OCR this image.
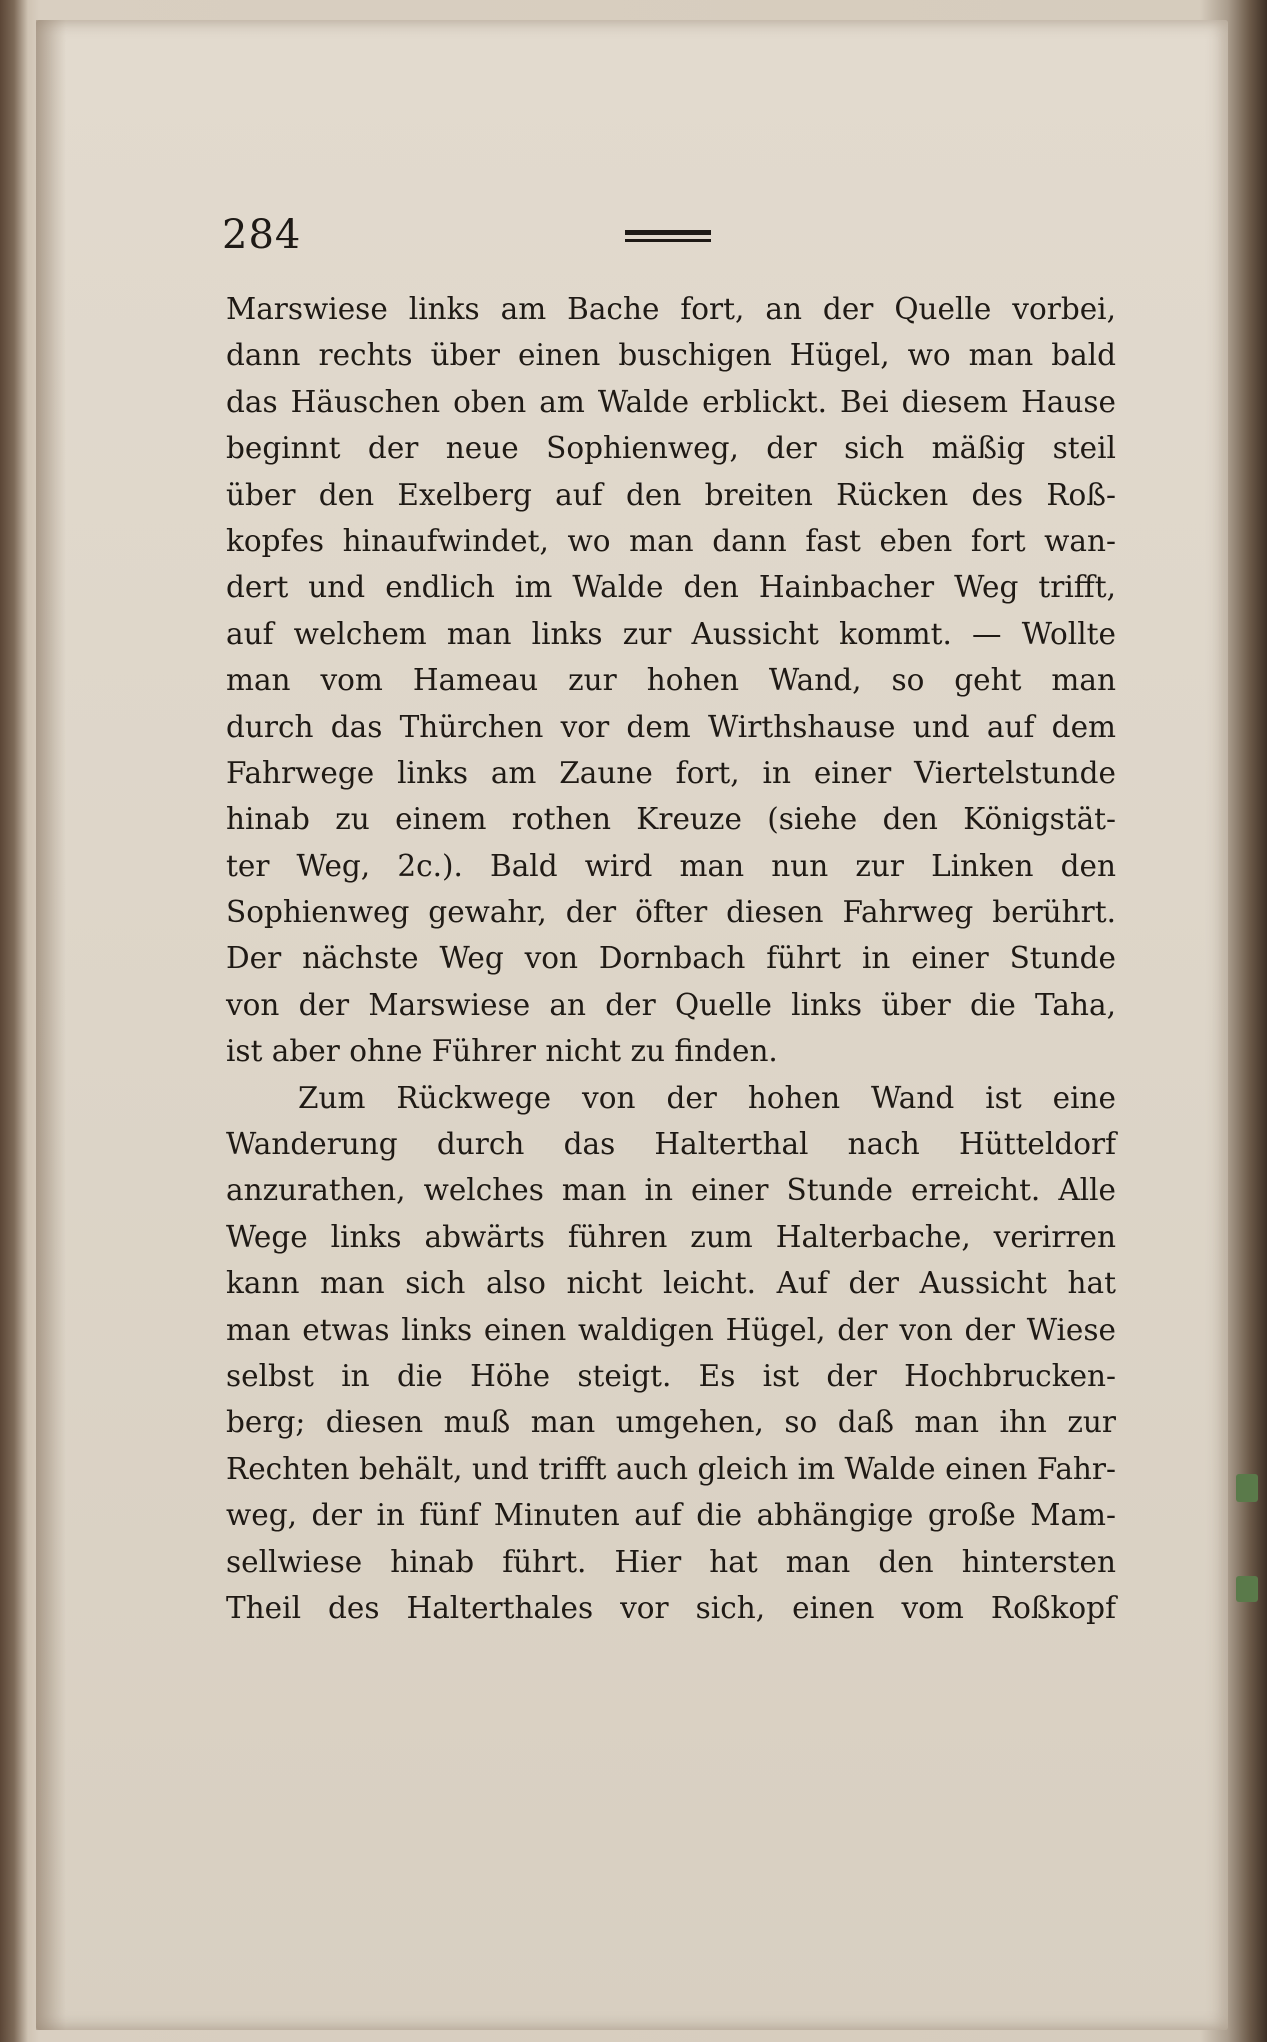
284
Marswiese links am Bache fort, an der Quelle vorbei,
dann rechts über einen buschigen Hügel, wo man bald
das Häuschen oben am Walde erblickt. Bei diesem Hause
beginnt der neue Sophienweg, der sich mäßig steil
über den Exelberg auf den breiten Rücken des Roß-
kopfes hinaufwindet, wo man dann fast eben fort wan-
dert und endlich im Walde den Hainbacher Weg trifft,
auf welchem man links zur Aussicht kommt. — Wollte
man vom Hameau zur hohen Wand, so geht man
durch das Thürchen vor dem Wirthshause und auf dem
Fahrwege links am Zaune fort, in einer Viertelstunde
hinab zu einem rothen Kreuze (siehe den Königstät-
ter Weg, 2c.). Bald wird man nun zur Linken den
Sophienweg gewahr, der öfter diesen Fahrweg berührt.
Der nächste Weg von Dornbach führt in einer Stunde
von der Marswiese an der Quelle links über die Taha,
ist aber ohne Führer nicht zu finden.
Zum Rückwege von der hohen Wand ist eine
Wanderung durch das Halterthal nach Hütteldorf
anzurathen, welches man in einer Stunde erreicht. Alle
Wege links abwärts führen zum Halterbache, verirren
kann man sich also nicht leicht. Auf der Aussicht hat
man etwas links einen waldigen Hügel, der von der Wiese
selbst in die Höhe steigt. Es ist der Hochbrucken-
berg; diesen muß man umgehen, so daß man ihn zur
Rechten behält, und trifft auch gleich im Walde einen Fahr-
weg, der in fünf Minuten auf die abhängige große Mam-
sellwiese hinab führt. Hier hat man den hintersten
Theil des Halterthales vor sich, einen vom Roßkopf
